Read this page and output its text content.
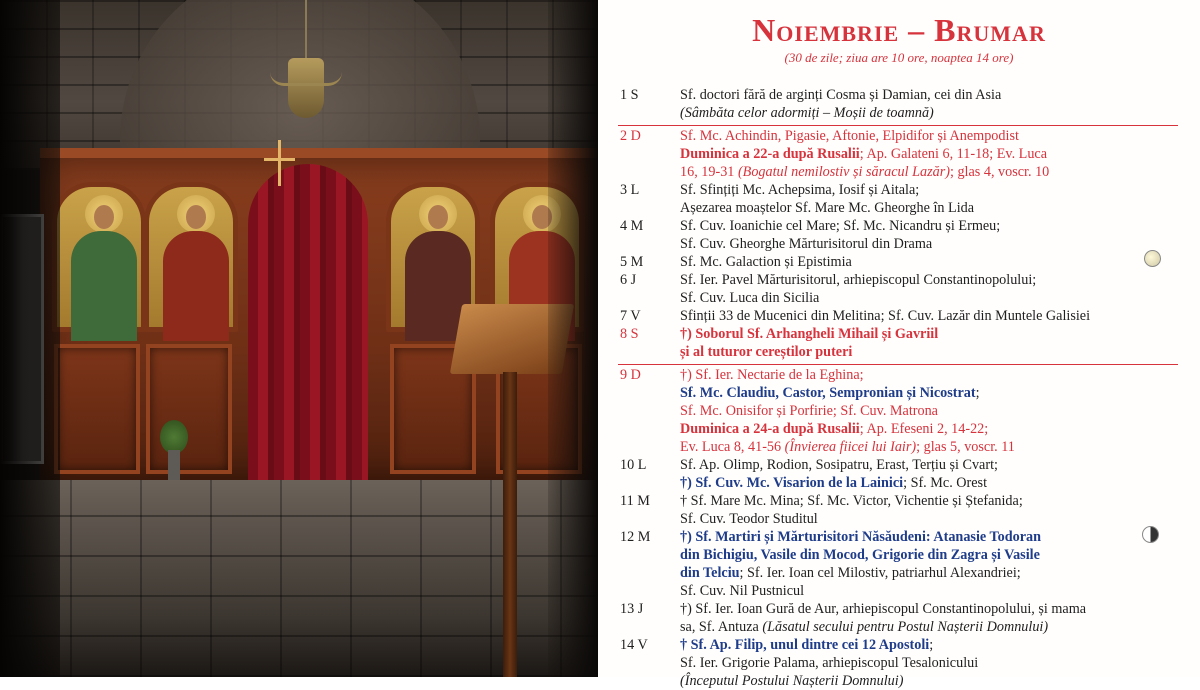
Noiembrie – Brumar
(30 de zile; ziua are 10 ore, noaptea 14 ore)
1 S	Sf. doctori fără de arginți Cosma și Damian, cei din Asia
(Sâmbăta celor adormiți – Moșii de toamnă)
2 D	Sf. Mc. Achindin, Pigasie, Aftonie, Elpidifor și Anempodist
Duminica a 22-a după Rusalii; Ap. Galateni 6, 11-18; Ev. Luca
16, 19-31 (Bogatul nemilostiv și săracul Lazăr); glas 4, voscr. 10
3 L	Sf. Sfințiți Mc. Achepsima, Iosif și Aitala;
Așezarea moaștelor Sf. Mare Mc. Gheorghe în Lida
4 M	Sf. Cuv. Ioanichie cel Mare; Sf. Mc. Nicandru și Ermeu;
Sf. Cuv. Gheorghe Mărturisitorul din Drama
5 M	Sf. Mc. Galaction și Epistimia
6 J	Sf. Ier. Pavel Mărturisitorul, arhiepiscopul Constantinopolului;
Sf. Cuv. Luca din Sicilia
7 V	Sfinții 33 de Mucenici din Melitina; Sf. Cuv. Lazăr din Muntele Galisiei
8 S	†) Soborul Sf. Arhangheli Mihail și Gavriil
și al tuturor cereștilor puteri
9 D	†) Sf. Ier. Nectarie de la Eghina;
Sf. Mc. Claudiu, Castor, Sempronian și Nicostrat;
Sf. Mc. Onisifor și Porfirie; Sf. Cuv. Matrona
Duminica a 24-a după Rusalii; Ap. Efeseni 2, 14-22;
Ev. Luca 8, 41-56 (Învierea fiicei lui Iair); glas 5, voscr. 11
10 L	Sf. Ap. Olimp, Rodion, Sosipatru, Erast, Terțiu și Cvart;
†) Sf. Cuv. Mc. Visarion de la Lainici; Sf. Mc. Orest
11 M	† Sf. Mare Mc. Mina; Sf. Mc. Victor, Vichentie și Ștefanida;
Sf. Cuv. Teodor Studitul
12 M	†) Sf. Martiri și Mărturisitori Năsăudeni: Atanasie Todoran
din Bichigiu, Vasile din Mocod, Grigorie din Zagra și Vasile
din Telciu; Sf. Ier. Ioan cel Milostiv, patriarhul Alexandriei;
Sf. Cuv. Nil Pustnicul
13 J	†) Sf. Ier. Ioan Gură de Aur, arhiepiscopul Constantinopolului, și mama
sa, Sf. Antuza (Lăsatul secului pentru Postul Nașterii Domnului)
14 V	† Sf. Ap. Filip, unul dintre cei 12 Apostoli;
Sf. Ier. Grigorie Palama, arhiepiscopul Tesalonicului
(Începutul Postului Nașterii Domnului)
